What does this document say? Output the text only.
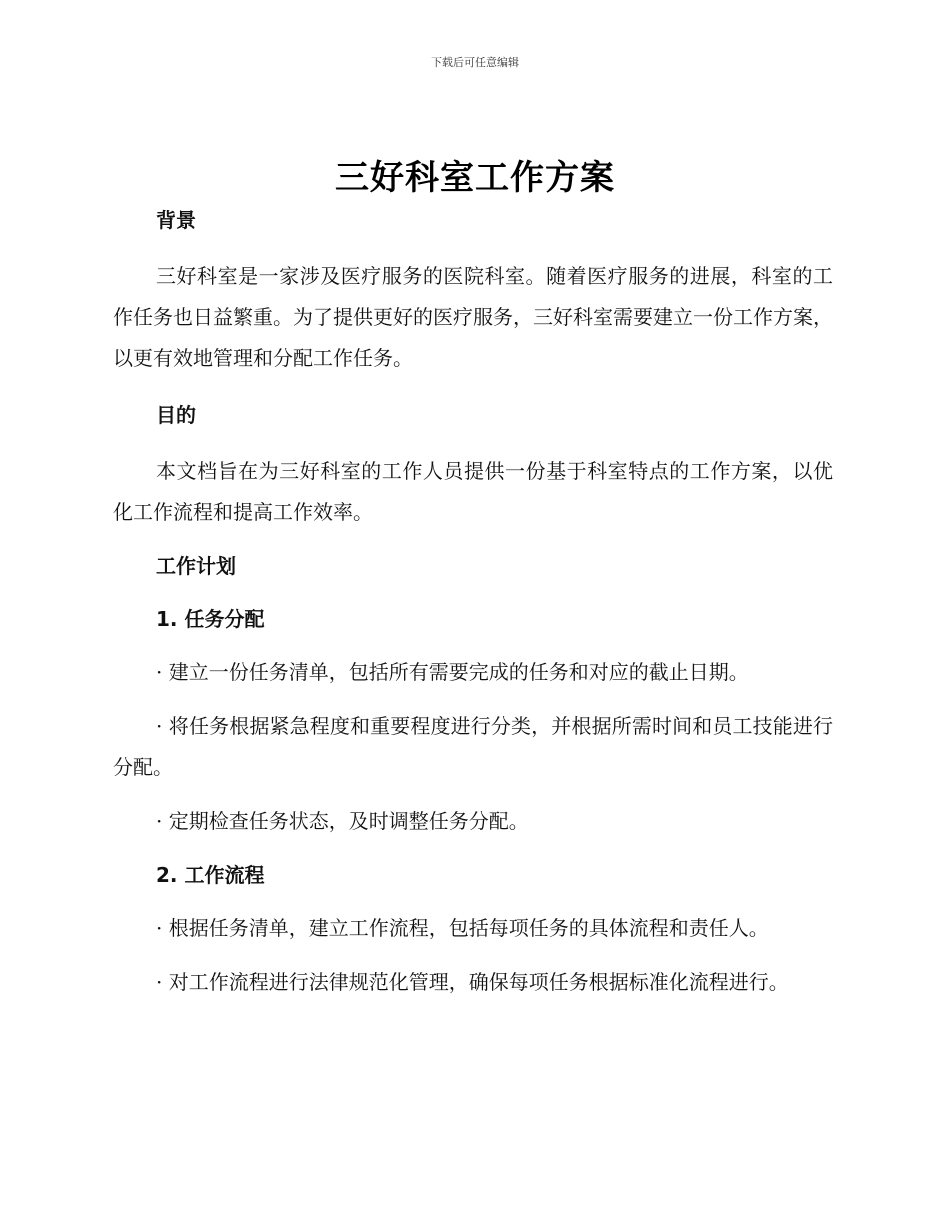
下载后可任意编辑
三好科室工作方案

背景

三好科室是一家涉及医疗服务的医院科室。随着医疗服务的进展，科室的工作任务也日益繁重。为了提供更好的医疗服务，三好科室需要建立一份工作方案，以更有效地管理和分配工作任务。

目的

本文档旨在为三好科室的工作人员提供一份基于科室特点的工作方案，以优化工作流程和提高工作效率。

工作计划

1. 任务分配

· 建立一份任务清单，包括所有需要完成的任务和对应的截止日期。

· 将任务根据紧急程度和重要程度进行分类，并根据所需时间和员工技能进行分配。

· 定期检查任务状态，及时调整任务分配。

2. 工作流程

· 根据任务清单，建立工作流程，包括每项任务的具体流程和责任人。

· 对工作流程进行法律规范化管理，确保每项任务根据标准化流程进行。
